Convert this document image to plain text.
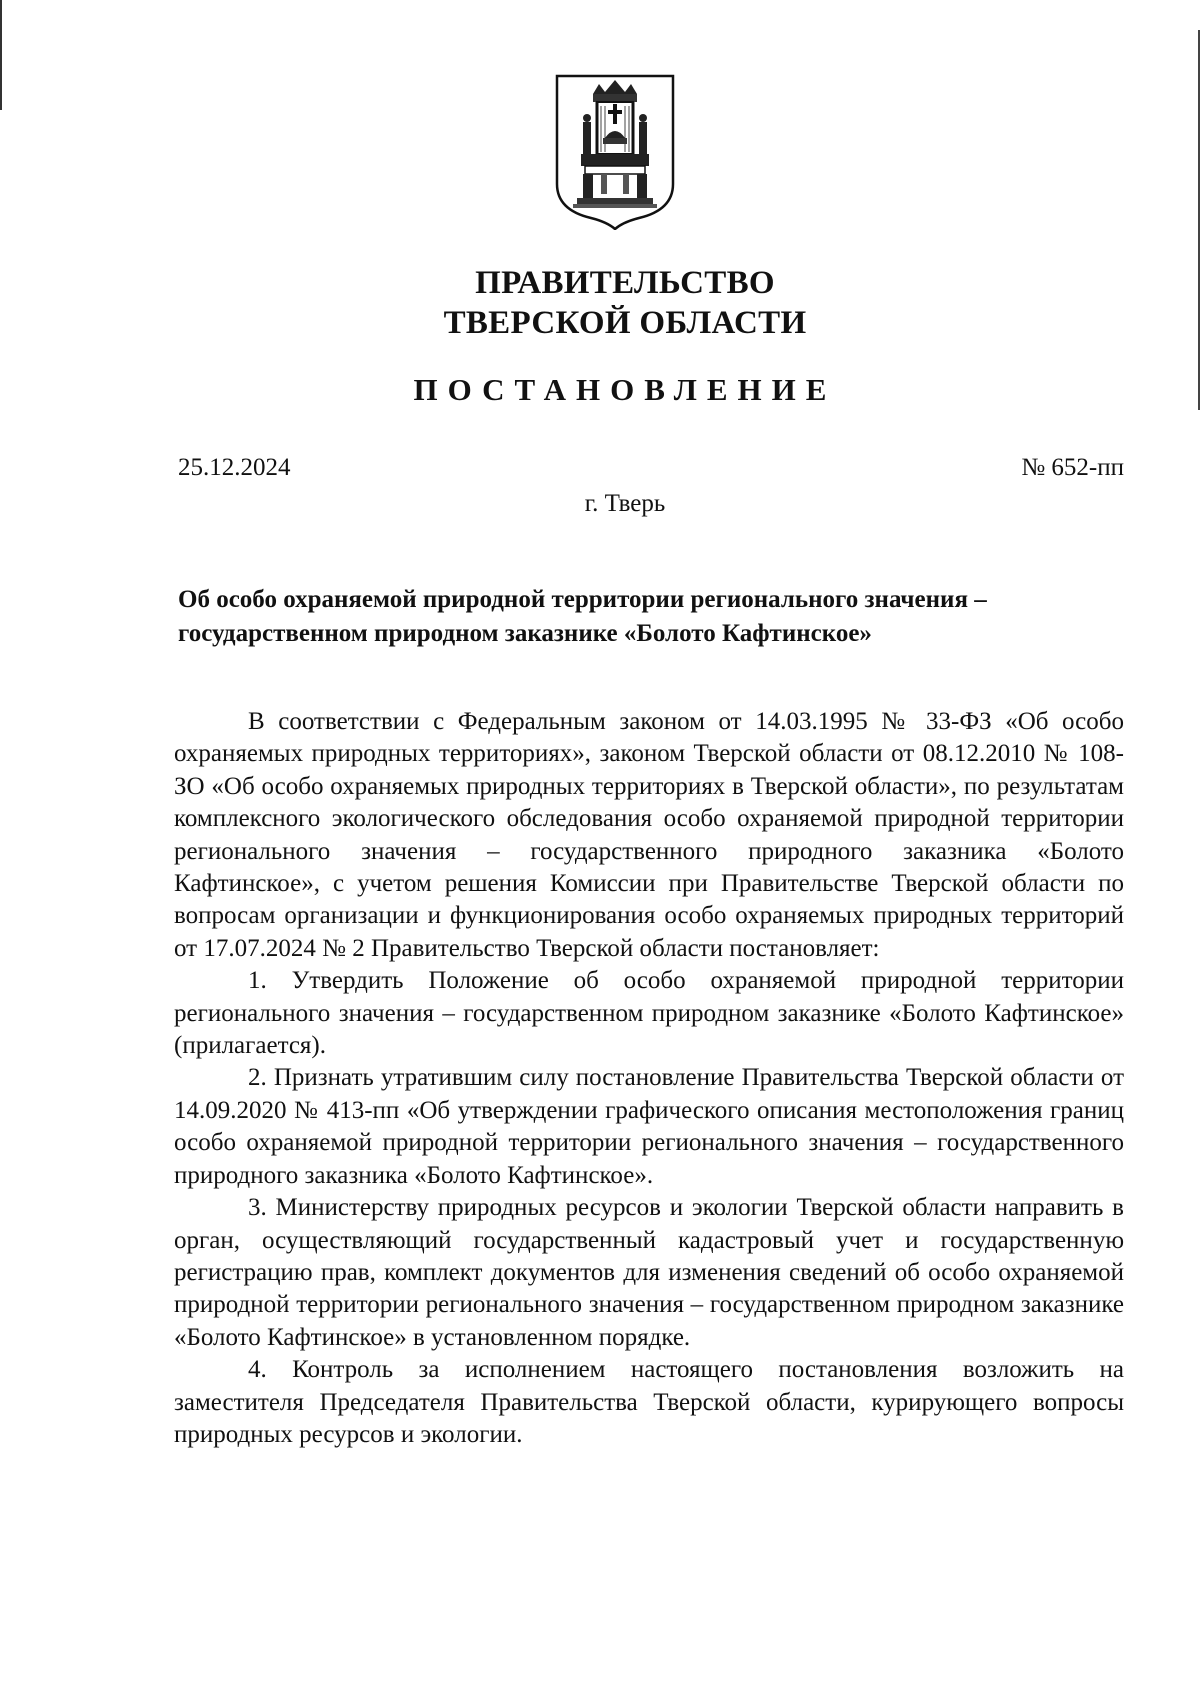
ПРАВИТЕЛЬСТВО
ТВЕРСКОЙ ОБЛАСТИ
ПОСТАНОВЛЕНИЕ
25.12.2024	№ 652-пп
г. Тверь
Об особо охраняемой природной территории регионального значения – государственном природном заказнике «Болото Кафтинское»

В соответствии с Федеральным законом от 14.03.1995 № 33-ФЗ «Об особо охраняемых природных территориях», законом Тверской области от 08.12.2010 № 108-ЗО «Об особо охраняемых природных территориях в Тверской области», по результатам комплексного экологического обследования особо охраняемой природной территории регионального значения – государственного природного заказника «Болото Кафтинское», с учетом решения Комиссии при Правительстве Тверской области по вопросам организации и функционирования особо охраняемых природных территорий от 17.07.2024 № 2 Правительство Тверской области постановляет:

1. Утвердить Положение об особо охраняемой природной территории регионального значения – государственном природном заказнике «Болото Кафтинское» (прилагается).

2. Признать утратившим силу постановление Правительства Тверской области от 14.09.2020 № 413-пп «Об утверждении графического описания местоположения границ особо охраняемой природной территории регионального значения – государственного природного заказника «Болото Кафтинское».

3. Министерству природных ресурсов и экологии Тверской области направить в орган, осуществляющий государственный кадастровый учет и государственную регистрацию прав, комплект документов для изменения сведений об особо охраняемой природной территории регионального значения – государственном природном заказнике «Болото Кафтинское» в установленном порядке.

4. Контроль за исполнением настоящего постановления возложить на заместителя Председателя Правительства Тверской области, курирующего вопросы природных ресурсов и экологии.
